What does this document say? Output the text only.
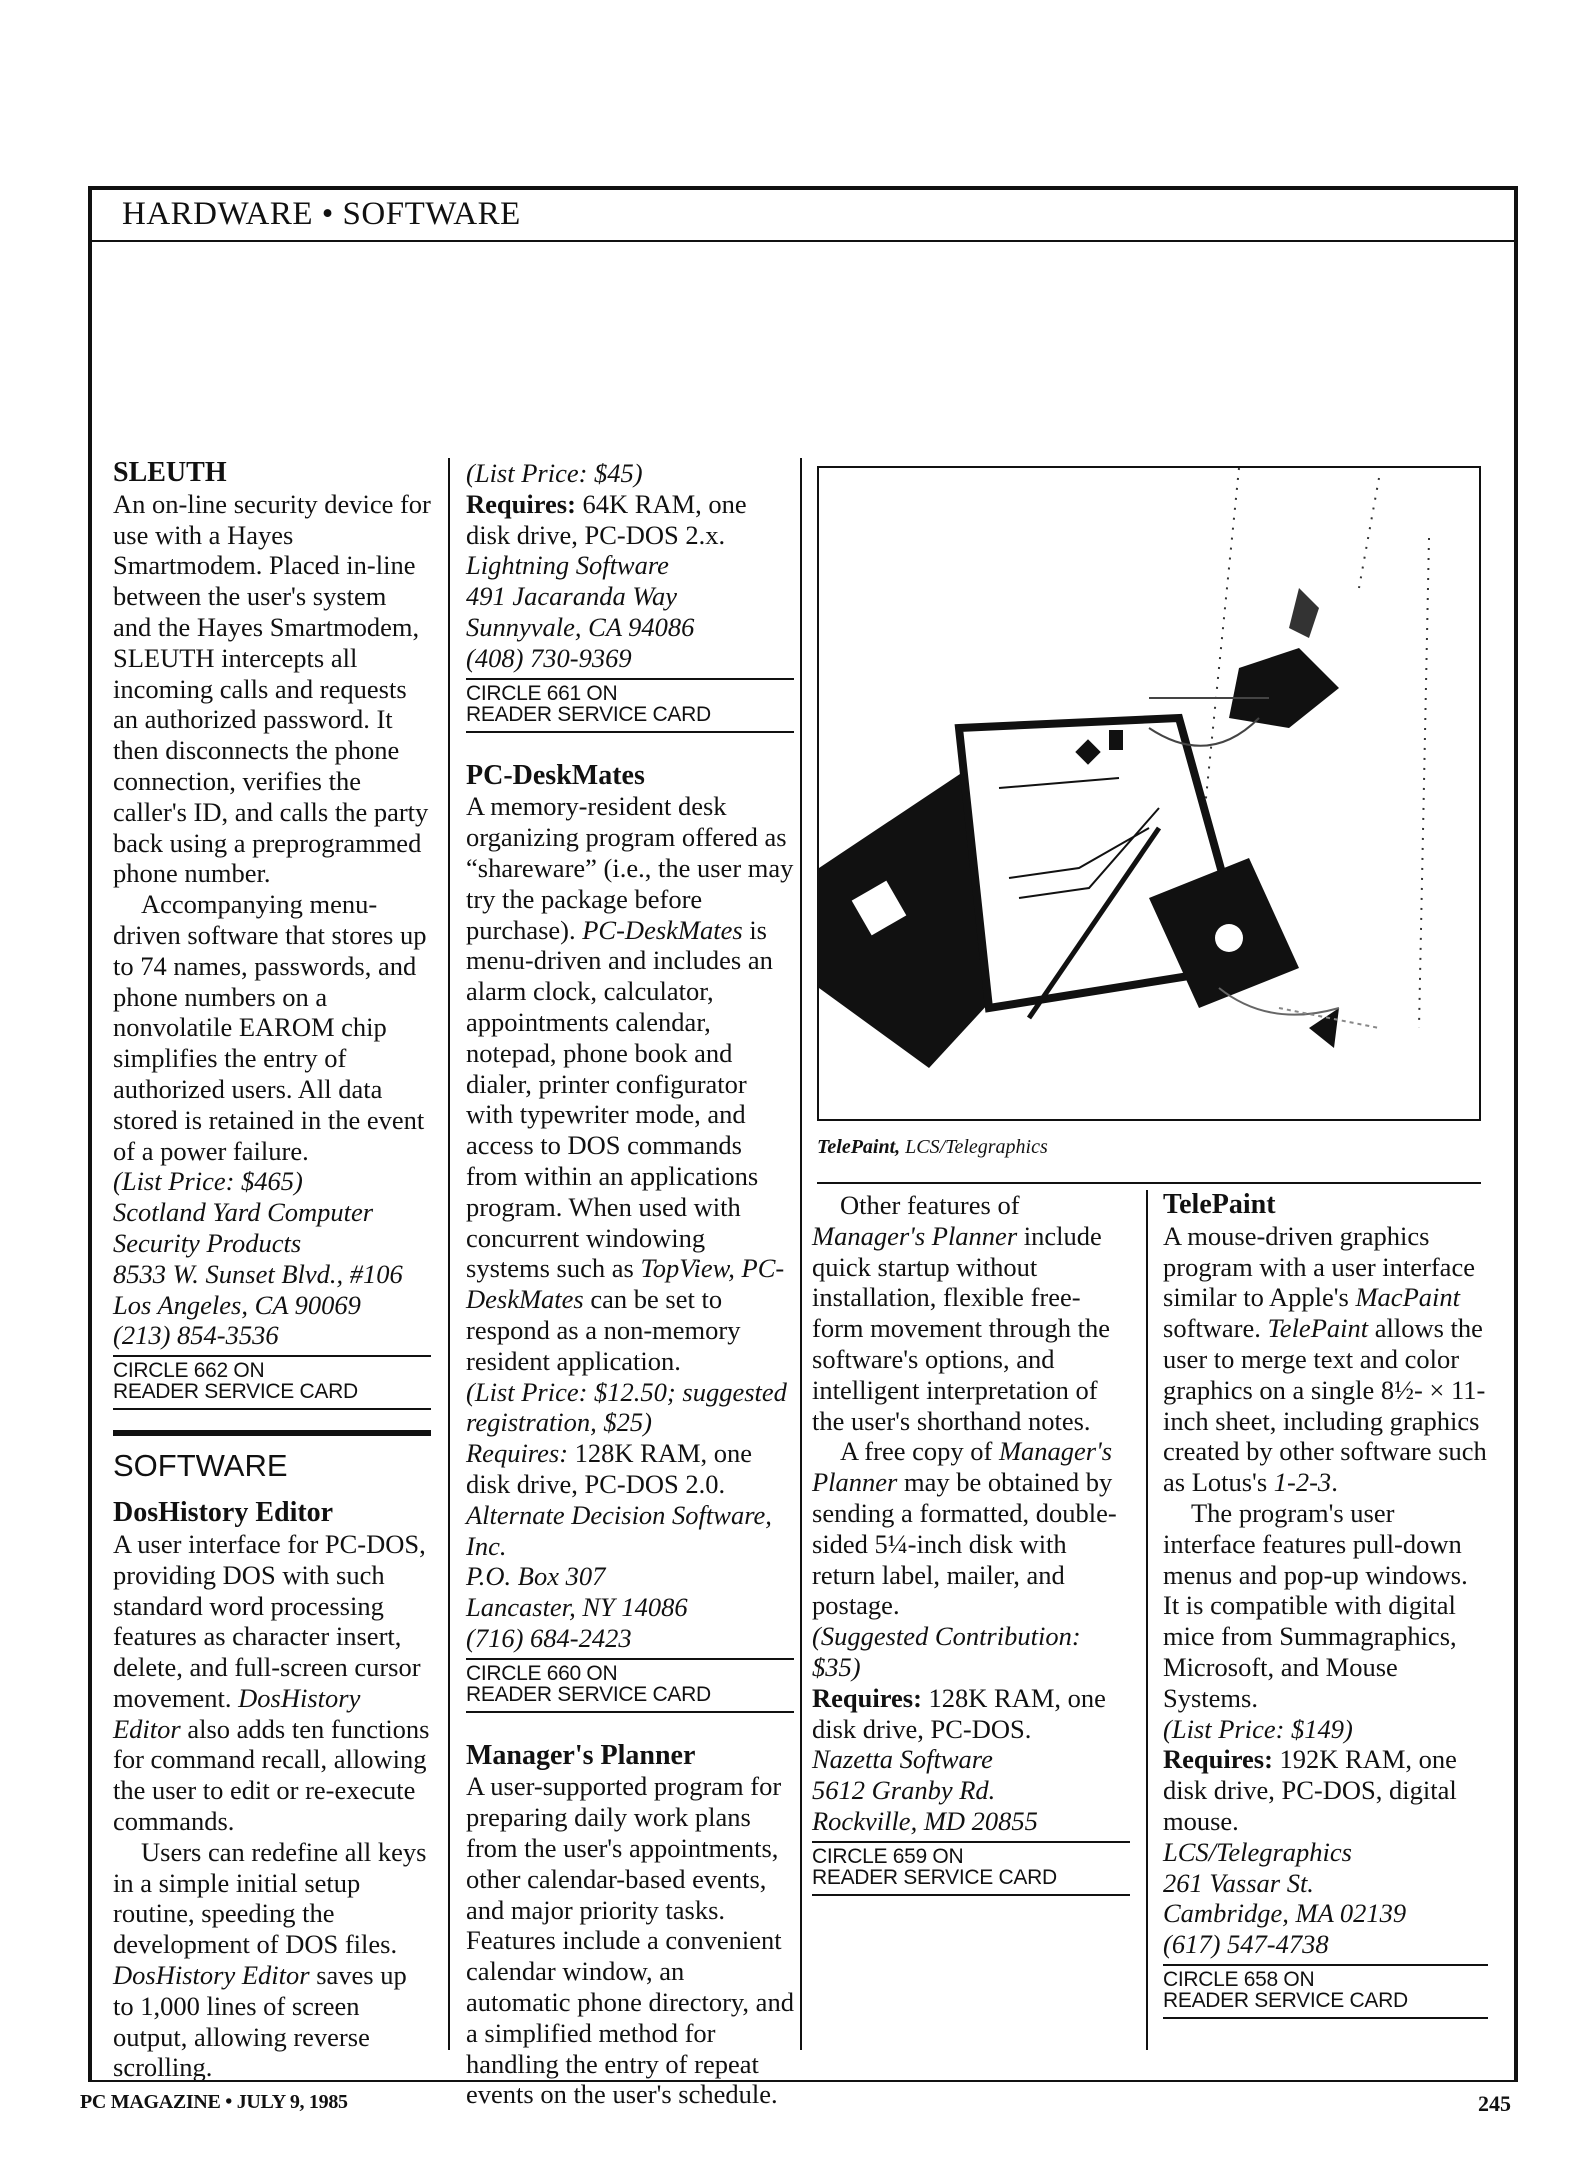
HARDWARE • SOFTWARE

SLEUTH

An on-line security device for use with a Hayes Smartmodem. Placed in-line between the user's system and the Hayes Smartmodem, SLEUTH intercepts all incoming calls and requests an authorized password. It then disconnects the phone connection, verifies the caller's ID, and calls the party back using a preprogrammed phone number.

Accompanying menu-driven software that stores up to 74 names, passwords, and phone numbers on a nonvolatile EAROM chip simplifies the entry of authorized users. All data stored is retained in the event of a power failure.

(List Price: $465)

Scotland Yard Computer Security Products

8533 W. Sunset Blvd., #106

Los Angeles, CA 90069

(213) 854-3536

CIRCLE 662 ON
READER SERVICE CARD
SOFTWARE

DosHistory Editor

A user interface for PC-DOS, providing DOS with such standard word processing features as character insert, delete, and full-screen cursor movement. DosHistory Editor also adds ten functions for command recall, allowing the user to edit or re-execute commands.

Users can redefine all keys in a simple initial setup routine, speeding the development of DOS files. DosHistory Editor saves up to 1,000 lines of screen output, allowing reverse scrolling.

(List Price: $45)

Requires: 64K RAM, one disk drive, PC-DOS 2.x.

Lightning Software

491 Jacaranda Way

Sunnyvale, CA 94086

(408) 730-9369

CIRCLE 661 ON
READER SERVICE CARD

PC-DeskMates

A memory-resident desk organizing program offered as “shareware” (i.e., the user may try the package before purchase). PC-DeskMates is menu-driven and includes an alarm clock, calculator, appointments calendar, notepad, phone book and dialer, printer configurator with typewriter mode, and access to DOS commands from within an applications program. When used with concurrent windowing systems such as TopView, PC-DeskMates can be set to respond as a non-memory resident application.

(List Price: $12.50; suggested registration, $25)

Requires: 128K RAM, one disk drive, PC-DOS 2.0.

Alternate Decision Software, Inc.

P.O. Box 307

Lancaster, NY 14086

(716) 684-2423

CIRCLE 660 ON
READER SERVICE CARD

Manager's Planner

A user-supported program for preparing daily work plans from the user's appointments, other calendar-based events, and major priority tasks. Features include a convenient calendar window, an automatic phone directory, and a simplified method for handling the entry of repeat events on the user's schedule.

TelePaint, LCS/Telegraphics

Other features of Manager's Planner include quick startup without installation, flexible free-form movement through the software's options, and intelligent interpretation of the user's shorthand notes.

A free copy of Manager's Planner may be obtained by sending a formatted, double-sided 5¼-inch disk with return label, mailer, and postage.

(Suggested Contribution: $35)

Requires: 128K RAM, one disk drive, PC-DOS.

Nazetta Software

5612 Granby Rd.

Rockville, MD 20855

CIRCLE 659 ON
READER SERVICE CARD

TelePaint

A mouse-driven graphics program with a user interface similar to Apple's MacPaint software. TelePaint allows the user to merge text and color graphics on a single 8½- × 11-inch sheet, including graphics created by other software such as Lotus's 1-2-3.

The program's user interface features pull-down menus and pop-up windows. It is compatible with digital mice from Summagraphics, Microsoft, and Mouse Systems.

(List Price: $149)

Requires: 192K RAM, one disk drive, PC-DOS, digital mouse.

LCS/Telegraphics

261 Vassar St.

Cambridge, MA 02139

(617) 547-4738

CIRCLE 658 ON
READER SERVICE CARD
PC MAGAZINE • JULY 9, 1985	245
